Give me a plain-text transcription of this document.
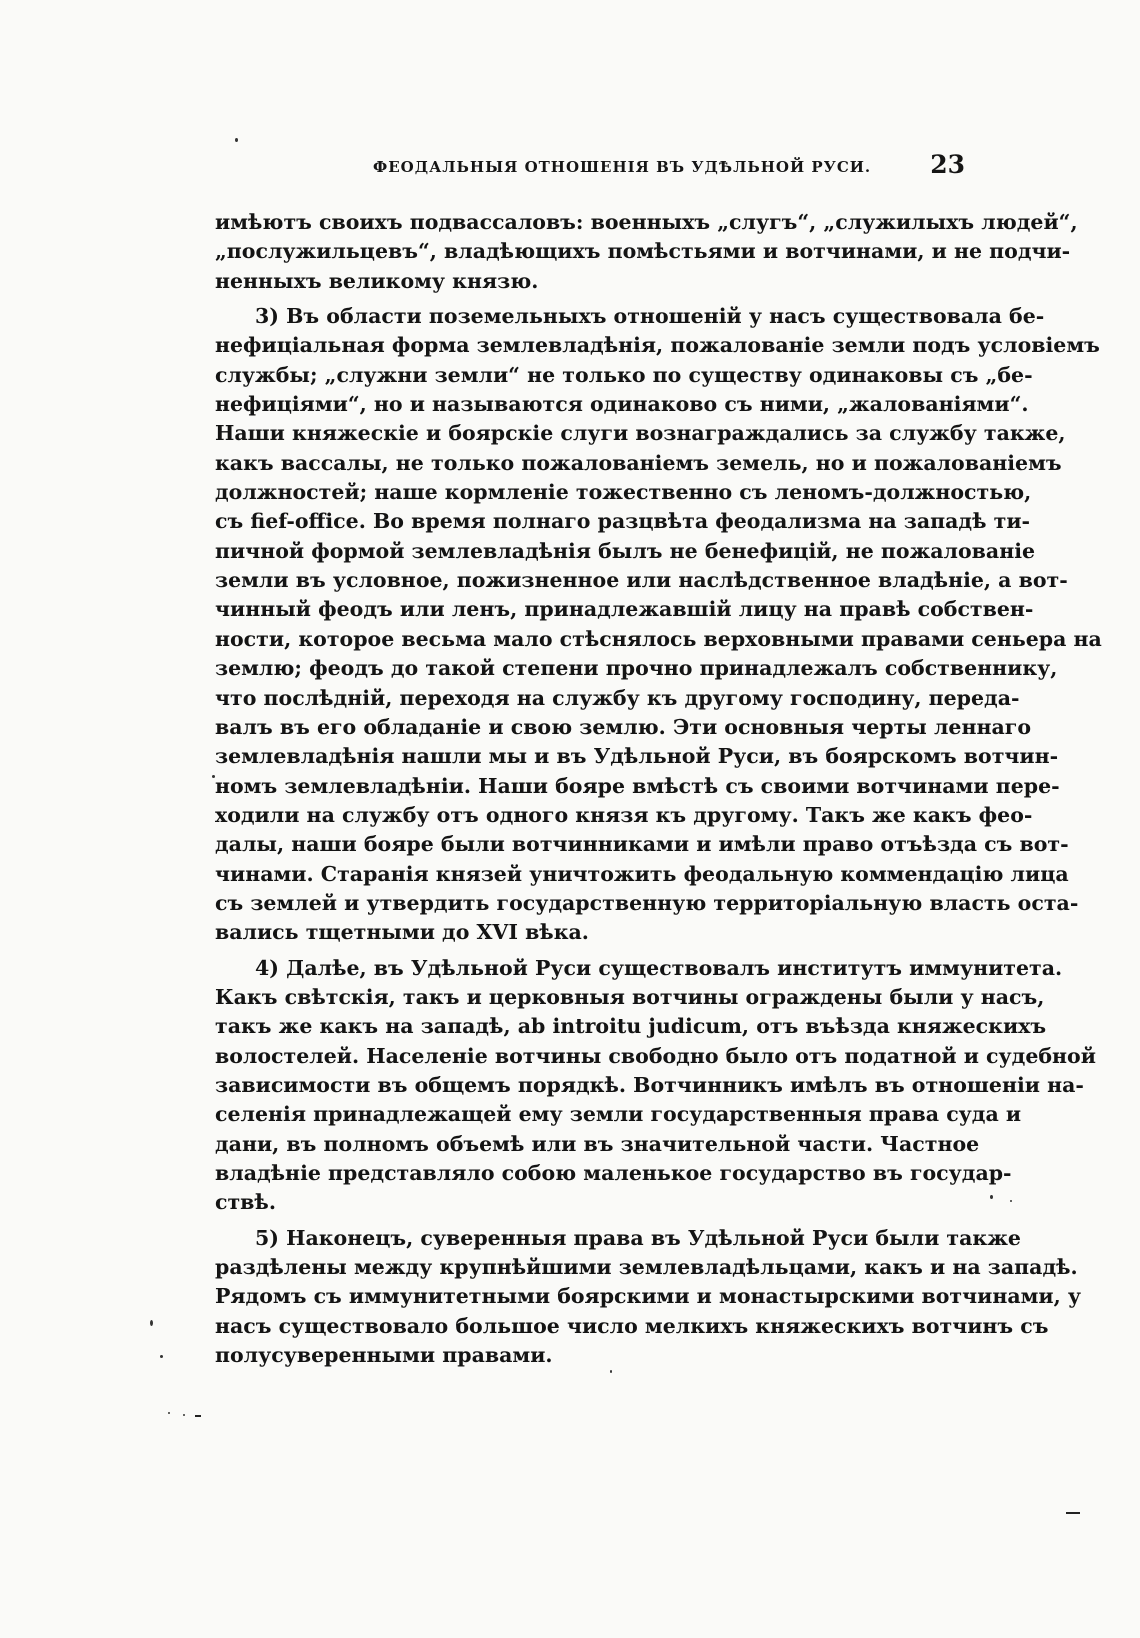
ФЕОДАЛЬНЫЯ ОТНОШЕНІЯ ВЪ УДѢЛЬНОЙ РУСИ. 23
имѣютъ своихъ подвассаловъ: военныхъ „слугъ“, „служилыхъ людей“,
„послужильцевъ“, владѣющихъ помѣстьями и вотчинами, и не подчи-
ненныхъ великому князю.
3) Въ области поземельныхъ отношеній у насъ существовала бе-
нефиціальная форма землевладѣнія, пожалованіе земли подъ условіемъ
службы; „служни земли“ не только по существу одинаковы съ „бе-
нефиціями“, но и называются одинаково съ ними, „жалованіями“.
Наши княжескіе и боярскіе слуги вознаграждались за службу также,
какъ вассалы, не только пожалованіемъ земель, но и пожалованіемъ
должностей; наше кормленіе тожественно съ леномъ-должностью,
съ fief-office. Во время полнаго разцвѣта феодализма на западѣ ти-
пичной формой землевладѣнія былъ не бенефицій, не пожалованіе
земли въ условное, пожизненное или наслѣдственное владѣніе, а вот-
чинный феодъ или ленъ, принадлежавшій лицу на правѣ собствен-
ности, которое весьма мало стѣснялось верховными правами сеньера на
землю; феодъ до такой степени прочно принадлежалъ собственнику,
что послѣдній, переходя на службу къ другому господину, переда-
валъ въ его обладаніе и свою землю. Эти основныя черты леннаго
землевладѣнія нашли мы и въ Удѣльной Руси, въ боярскомъ вотчин-
номъ землевладѣніи. Наши бояре вмѣстѣ съ своими вотчинами пере-
ходили на службу отъ одного князя къ другому. Такъ же какъ фео-
далы, наши бояре были вотчинниками и имѣли право отъѣзда съ вот-
чинами. Старанія князей уничтожить феодальную коммендацію лица
съ землей и утвердить государственную территоріальную власть оста-
вались тщетными до XVI вѣка.
4) Далѣе, въ Удѣльной Руси существовалъ институтъ иммунитета.
Какъ свѣтскія, такъ и церковныя вотчины ограждены были у насъ,
такъ же какъ на западѣ, ab introitu judicum, отъ въѣзда княжескихъ
волостелей. Населеніе вотчины свободно было отъ податной и судебной
зависимости въ общемъ порядкѣ. Вотчинникъ имѣлъ въ отношеніи на-
селенія принадлежащей ему земли государственныя права суда и
дани, въ полномъ объемѣ или въ значительной части. Частное
владѣніе представляло собою маленькое государство въ государ-
ствѣ.
5) Наконецъ, суверенныя права въ Удѣльной Руси были также
раздѣлены между крупнѣйшими землевладѣльцами, какъ и на западѣ.
Рядомъ съ иммунитетными боярскими и монастырскими вотчинами, у
насъ существовало большое число мелкихъ княжескихъ вотчинъ съ
полусуверенными правами.
